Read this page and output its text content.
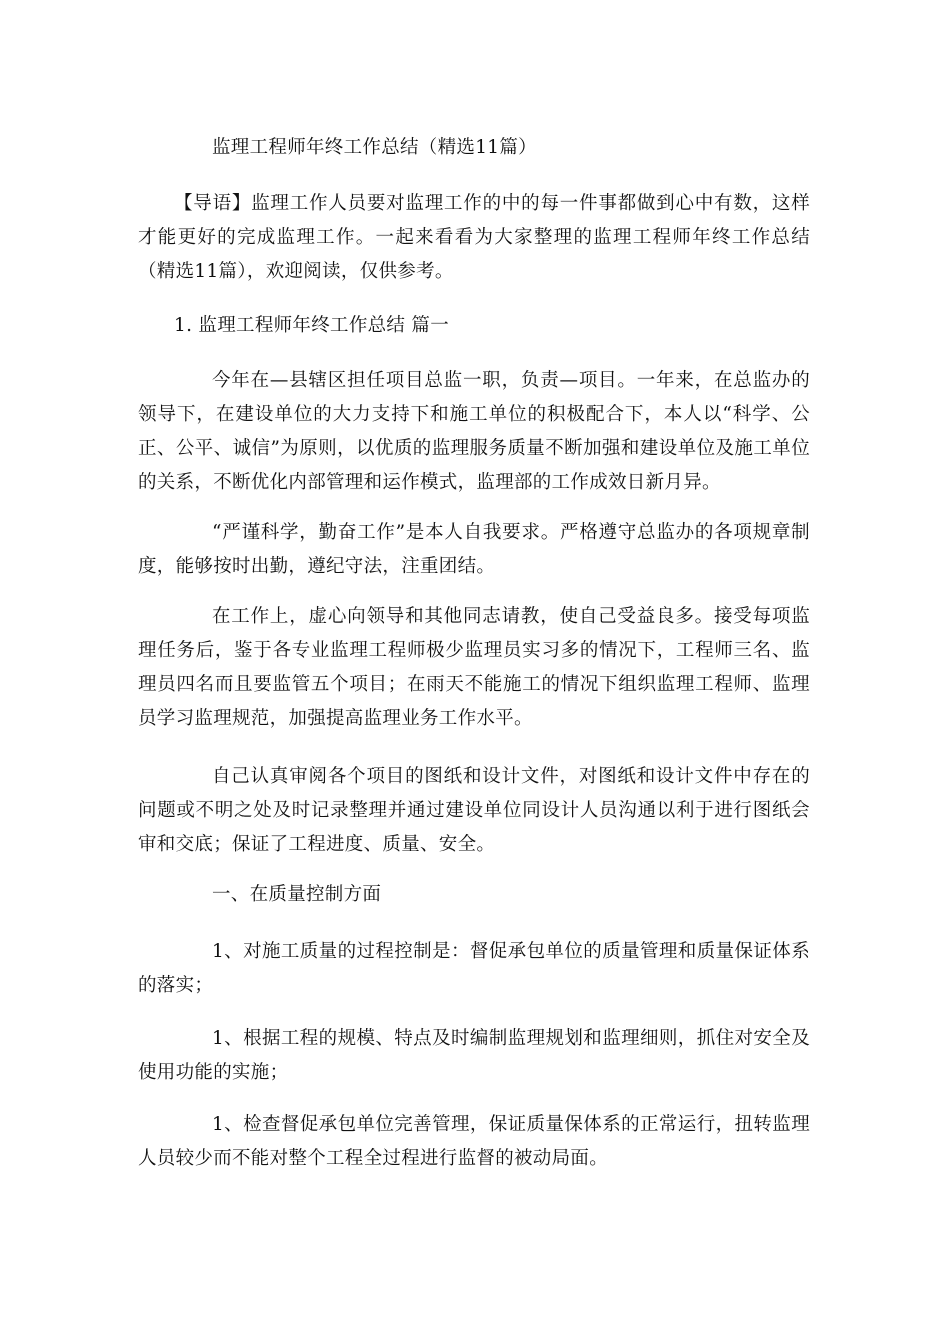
监理工程师年终工作总结（精选11篇）

【导语】监理工作人员要对监理工作的中的每一件事都做到心中有数，这样才能更好的完成监理工作。一起来看看为大家整理的监理工程师年终工作总结（精选11篇），欢迎阅读，仅供参考。

1. 监理工程师年终工作总结 篇一

今年在—县辖区担任项目总监一职，负责—项目。一年来，在总监办的领导下，在建设单位的大力支持下和施工单位的积极配合下，本人以“科学、公正、公平、诚信”为原则，以优质的监理服务质量不断加强和建设单位及施工单位的关系，不断优化内部管理和运作模式，监理部的工作成效日新月异。

“严谨科学，勤奋工作”是本人自我要求。严格遵守总监办的各项规章制度，能够按时出勤，遵纪守法，注重团结。

在工作上，虚心向领导和其他同志请教，使自己受益良多。接受每项监理任务后，鉴于各专业监理工程师极少监理员实习多的情况下，工程师三名、监理员四名而且要监管五个项目；在雨天不能施工的情况下组织监理工程师、监理员学习监理规范，加强提高监理业务工作水平。

自己认真审阅各个项目的图纸和设计文件，对图纸和设计文件中存在的问题或不明之处及时记录整理并通过建设单位同设计人员沟通以利于进行图纸会审和交底；保证了工程进度、质量、安全。

一、在质量控制方面

1、对施工质量的过程控制是：督促承包单位的质量管理和质量保证体系的落实；

1、根据工程的规模、特点及时编制监理规划和监理细则，抓住对安全及使用功能的实施；

1、检查督促承包单位完善管理，保证质量保体系的正常运行，扭转监理人员较少而不能对整个工程全过程进行监督的被动局面。
